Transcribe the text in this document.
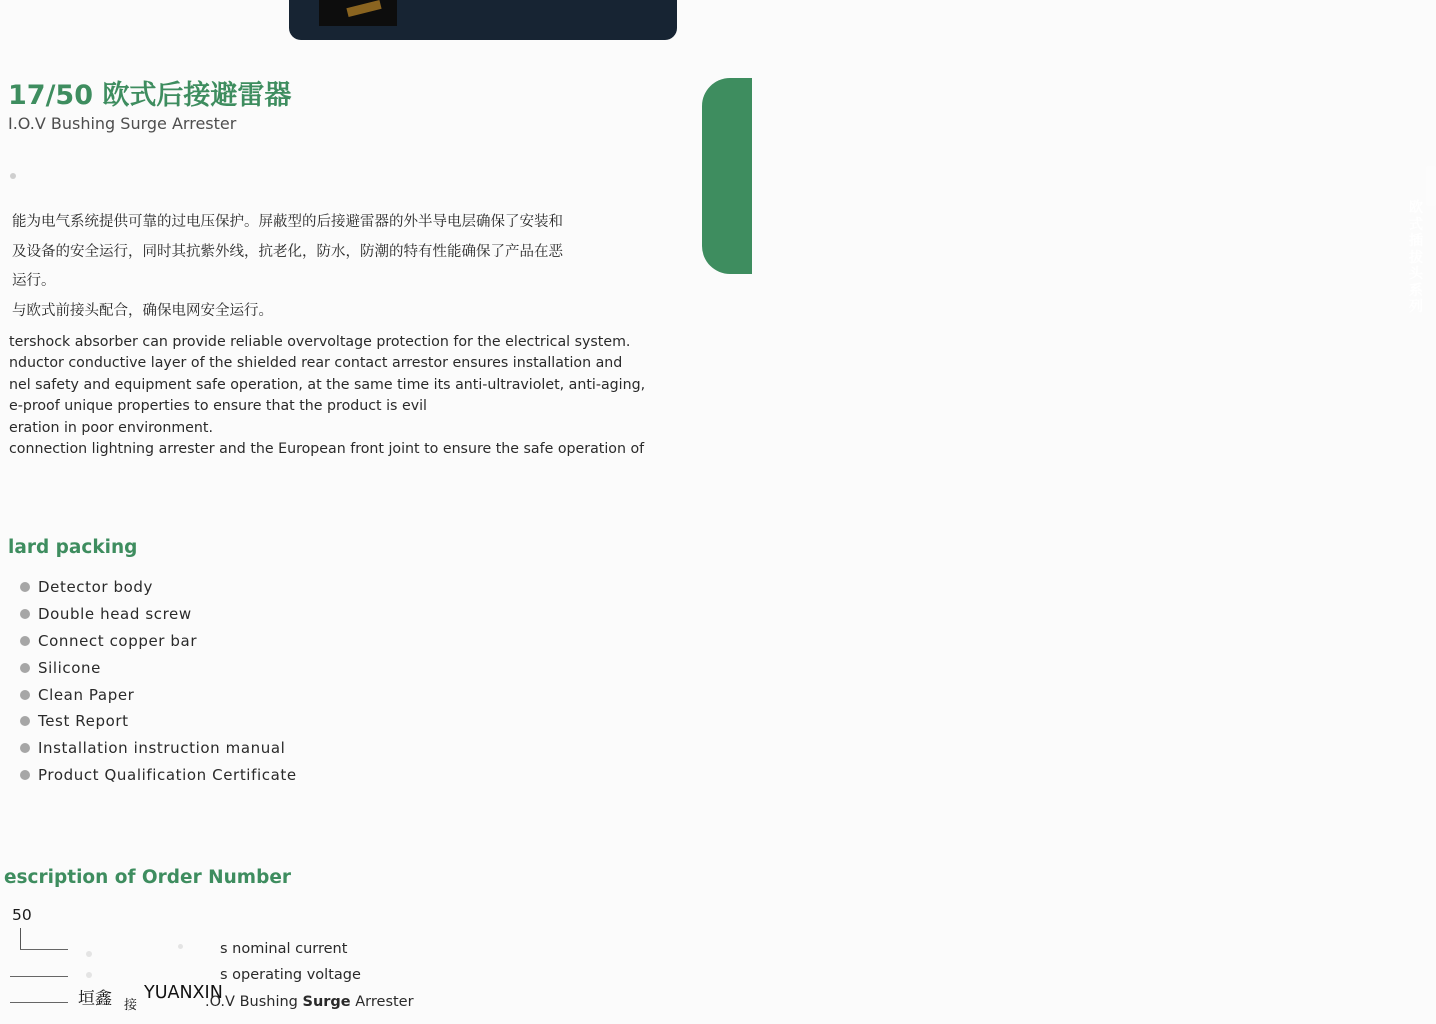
欧式插拔头系列
17/50 欧式后接避雷器
I.O.V Bushing Surge Arrester
能为电气系统提供可靠的过电压保护。屏蔽型的后接避雷器的外半导电层确保了安装和
及设备的安全运行，同时其抗紫外线，抗老化，防水，防潮的特有性能确保了产品在恶
运行。
与欧式前接头配合，确保电网安全运行。
tershock absorber can provide reliable overvoltage protection for the electrical system.
nductor conductive layer of the shielded rear contact arrestor ensures installation and
nel safety and equipment safe operation, at the same time its anti-ultraviolet, anti-aging,
e-proof unique properties to ensure that the product is evil
eration in poor environment.
connection lightning arrester and the European front joint to ensure the safe operation of
lard packing
Detector body
Double head screw
Connect copper bar
Silicone
Clean Paper
Test Report
Installation instruction manual
Product Qualification Certificate
escription of Order Number
50
s nominal current
s operating voltage
垣鑫 接
YUANXIN
.O.V Bushing Surge Arrester
